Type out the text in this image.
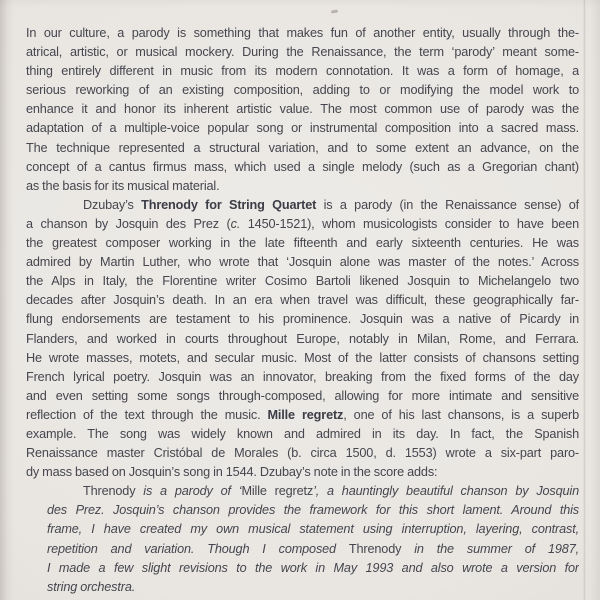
In our culture, a parody is something that makes fun of another entity, usually through the-
atrical, artistic, or musical mockery. During the Renaissance, the term ‘parody’ meant some-
thing entirely different in music from its modern connotation. It was a form of homage, a
serious reworking of an existing composition, adding to or modifying the model work to
enhance it and honor its inherent artistic value. The most common use of parody was the
adaptation of a multiple-voice popular song or instrumental composition into a sacred mass.
The technique represented a structural variation, and to some extent an advance, on the
concept of a cantus firmus mass, which used a single melody (such as a Gregorian chant)
as the basis for its musical material.
Dzubay’s Threnody for String Quartet is a parody (in the Renaissance sense) of
a chanson by Josquin des Prez (c. 1450-1521), whom musicologists consider to have been
the greatest composer working in the late fifteenth and early sixteenth centuries. He was
admired by Martin Luther, who wrote that ‘Josquin alone was master of the notes.’ Across
the Alps in Italy, the Florentine writer Cosimo Bartoli likened Josquin to Michelangelo two
decades after Josquin’s death. In an era when travel was difficult, these geographically far-
flung endorsements are testament to his prominence. Josquin was a native of Picardy in
Flanders, and worked in courts throughout Europe, notably in Milan, Rome, and Ferrara.
He wrote masses, motets, and secular music. Most of the latter consists of chansons setting
French lyrical poetry. Josquin was an innovator, breaking from the fixed forms of the day
and even setting some songs through-composed, allowing for more intimate and sensitive
reflection of the text through the music. Mille regretz, one of his last chansons, is a superb
example. The song was widely known and admired in its day. In fact, the Spanish
Renaissance master Cristóbal de Morales (b. circa 1500, d. 1553) wrote a six-part paro-
dy mass based on Josquin’s song in 1544. Dzubay’s note in the score adds:
Threnody is a parody of ‘Mille regretz’, a hauntingly beautiful chanson by Josquin
des Prez. Josquin’s chanson provides the framework for this short lament. Around this
frame, I have created my own musical statement using interruption, layering, contrast,
repetition and variation. Though I composed Threnody in the summer of 1987,
I made a few slight revisions to the work in May 1993 and also wrote a version for
string orchestra.
